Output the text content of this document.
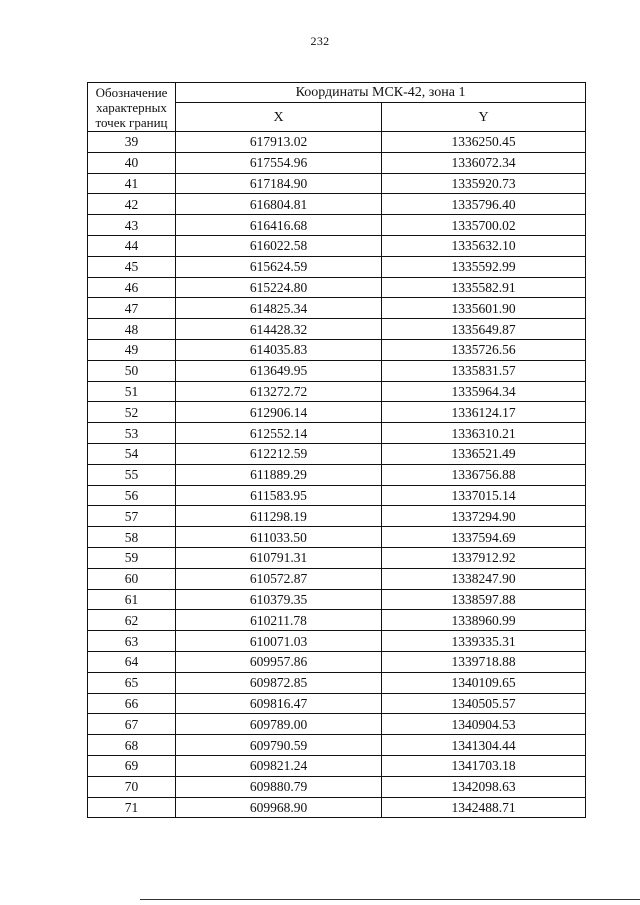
232
Обозначение характерных точек границ	Координаты МСК-42, зона 1	
	X	Y
39	617913.02	1336250.45
40	617554.96	1336072.34
41	617184.90	1335920.73
42	616804.81	1335796.40
43	616416.68	1335700.02
44	616022.58	1335632.10
45	615624.59	1335592.99
46	615224.80	1335582.91
47	614825.34	1335601.90
48	614428.32	1335649.87
49	614035.83	1335726.56
50	613649.95	1335831.57
51	613272.72	1335964.34
52	612906.14	1336124.17
53	612552.14	1336310.21
54	612212.59	1336521.49
55	611889.29	1336756.88
56	611583.95	1337015.14
57	611298.19	1337294.90
58	611033.50	1337594.69
59	610791.31	1337912.92
60	610572.87	1338247.90
61	610379.35	1338597.88
62	610211.78	1338960.99
63	610071.03	1339335.31
64	609957.86	1339718.88
65	609872.85	1340109.65
66	609816.47	1340505.57
67	609789.00	1340904.53
68	609790.59	1341304.44
69	609821.24	1341703.18
70	609880.79	1342098.63
71	609968.90	1342488.71
